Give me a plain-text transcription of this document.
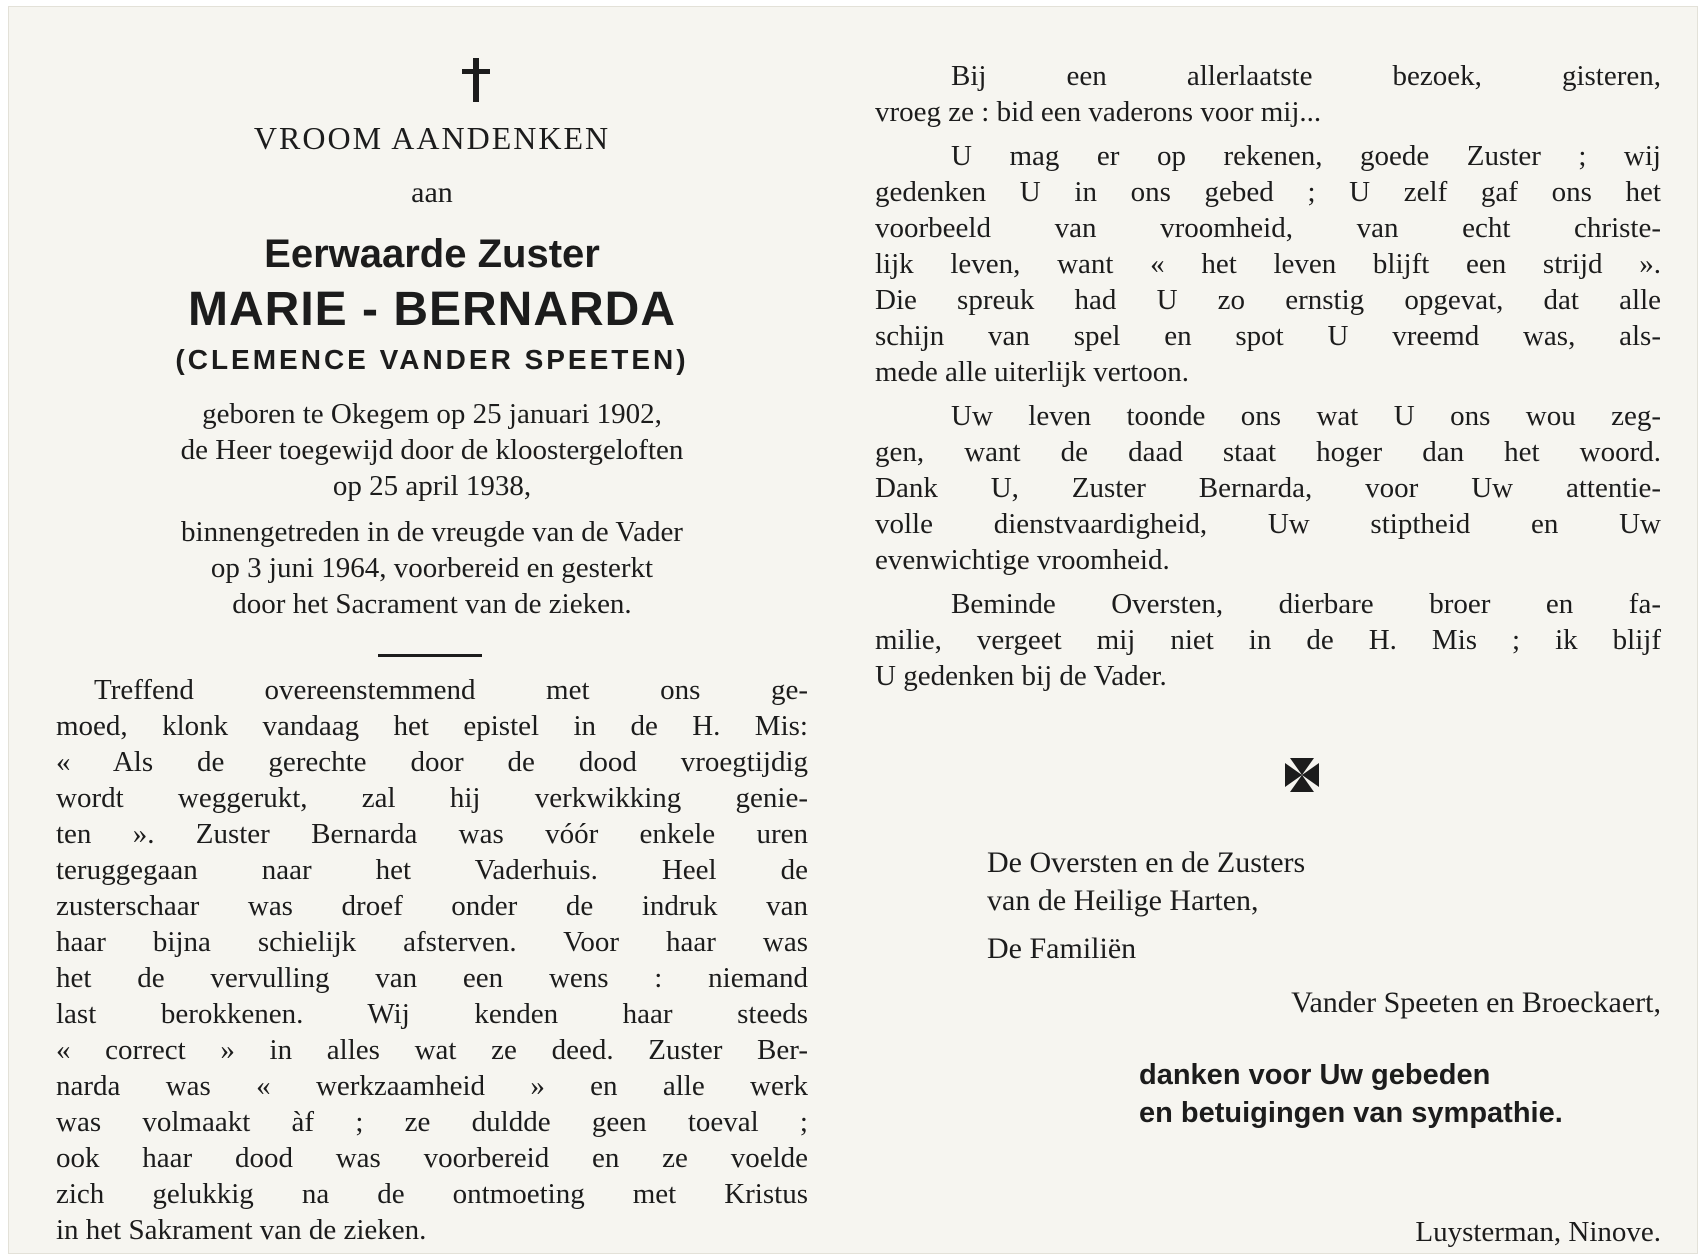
VROOM AANDENKEN
aan
Eerwaarde Zuster
MARIE - BERNARDA
(CLEMENCE VANDER SPEETEN)
geboren te Okegem op 25 januari 1902,
de Heer toegewijd door de kloostergeloften
op 25 april 1938,
binnengetreden in de vreugde van de Vader
op 3 juni 1964, voorbereid en gesterkt
door het Sacrament van de zieken.
Treffend overeenstemmend met ons ge-
moed, klonk vandaag het epistel in de H. Mis:
« Als de gerechte door de dood vroegtijdig
wordt weggerukt, zal hij verkwikking genie-
ten ». Zuster Bernarda was vóór enkele uren
teruggegaan naar het Vaderhuis. Heel de
zusterschaar was droef onder de indruk van
haar bijna schielijk afsterven. Voor haar was
het de vervulling van een wens : niemand
last berokkenen. Wij kenden haar steeds
« correct » in alles wat ze deed. Zuster Ber-
narda was « werkzaamheid » en alle werk
was volmaakt àf ; ze duldde geen toeval ;
ook haar dood was voorbereid en ze voelde
zich gelukkig na de ontmoeting met Kristus
in het Sakrament van de zieken.

Bij een allerlaatste bezoek, gisteren,
vroeg ze : bid een vaderons voor mij...

U mag er op rekenen, goede Zuster ; wij
gedenken U in ons gebed ; U zelf gaf ons het
voorbeeld van vroomheid, van echt christe-
lijk leven, want « het leven blijft een strijd ».
Die spreuk had U zo ernstig opgevat, dat alle
schijn van spel en spot U vreemd was, als-
mede alle uiterlijk vertoon.

Uw leven toonde ons wat U ons wou zeg-
gen, want de daad staat hoger dan het woord.
Dank U, Zuster Bernarda, voor Uw attentie-
volle dienstvaardigheid, Uw stiptheid en Uw
evenwichtige vroomheid.

Beminde Oversten, dierbare broer en fa-
milie, vergeet mij niet in de H. Mis ; ik blijf
U gedenken bij de Vader.

De Oversten en de Zusters
van de Heilige Harten,
De Familiën
Vander Speeten en Broeckaert,
danken voor Uw gebeden
en betuigingen van sympathie.
Luysterman, Ninove.
